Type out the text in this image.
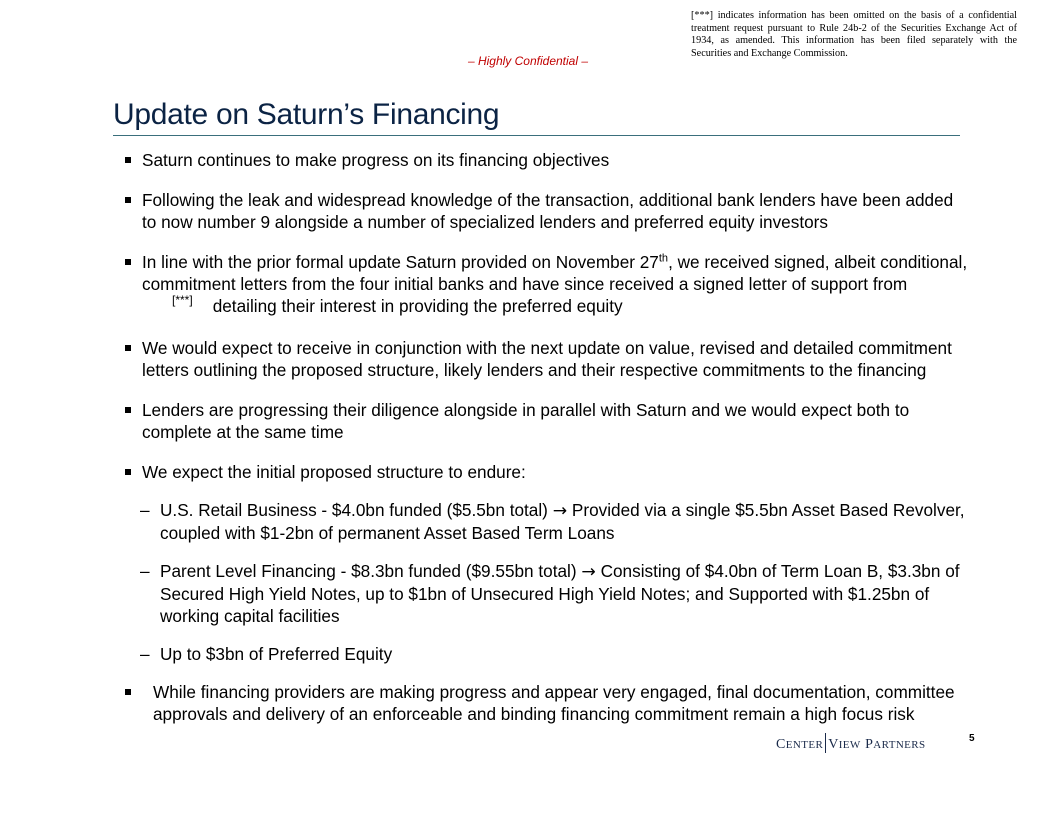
[***] indicates information has been omitted on the basis of a confidential treatment request pursuant to Rule 24b-2 of the Securities Exchange Act of 1934, as amended. This information has been filed separately with the Securities and Exchange Commission.
– Highly Confidential –
Update on Saturn’s Financing
Saturn continues to make progress on its financing objectives
Following the leak and widespread knowledge of the transaction, additional bank lenders have been added to now number 9 alongside a number of specialized lenders and preferred equity investors
In line with the prior formal update Saturn provided on November 27th, we received signed, albeit conditional, commitment letters from the four initial banks and have since received a signed letter of support from [***] detailing their interest in providing the preferred equity
We would expect to receive in conjunction with the next update on value, revised and detailed commitment letters outlining the proposed structure, likely lenders and their respective commitments to the financing
Lenders are progressing their diligence alongside in parallel with Saturn and we would expect both to complete at the same time
We expect the initial proposed structure to endure:
– U.S. Retail Business - $4.0bn funded ($5.5bn total) → Provided via a single $5.5bn Asset Based Revolver, coupled with $1-2bn of permanent Asset Based Term Loans
– Parent Level Financing - $8.3bn funded ($9.55bn total) → Consisting of $4.0bn of Term Loan B, $3.3bn of Secured High Yield Notes, up to $1bn of Unsecured High Yield Notes; and Supported with $1.25bn of working capital facilities
– Up to $3bn of Preferred Equity
While financing providers are making progress and appear very engaged, final documentation, committee approvals and delivery of an enforceable and binding financing commitment remain a high focus risk
CENTER VIEW PARTNERS
5
